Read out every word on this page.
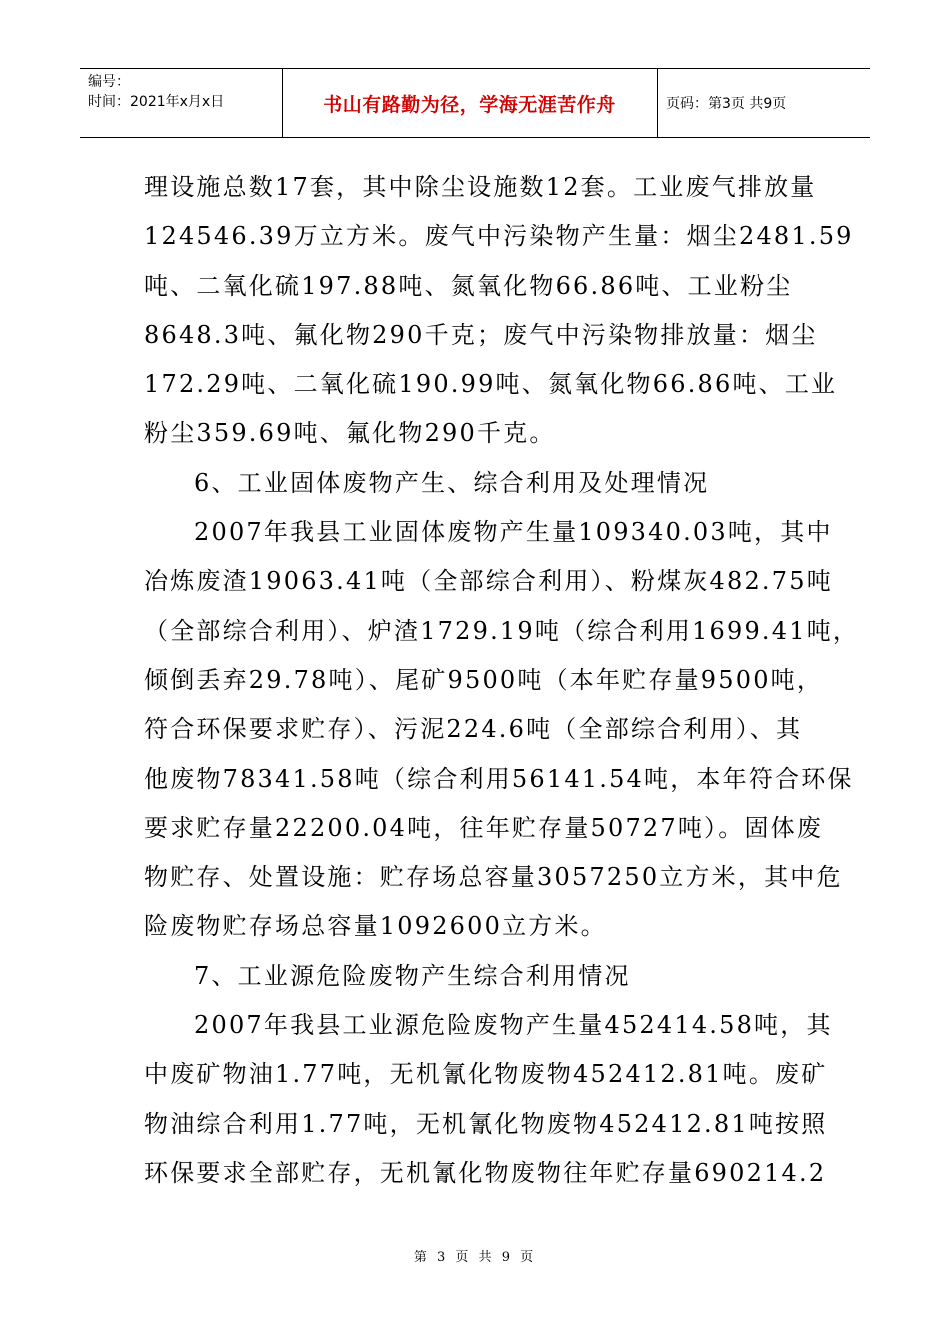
编号：
时间：2021年x月x日	书山有路勤为径，学海无涯苦作舟	页码：第3页 共9页
理设施总数17套，其中除尘设施数12套。工业废气排放量
124546.39万立方米。废气中污染物产生量：烟尘2481.59
吨、二氧化硫197.88吨、氮氧化物66.86吨、工业粉尘
8648.3吨、氟化物290千克；废气中污染物排放量：烟尘
172.29吨、二氧化硫190.99吨、氮氧化物66.86吨、工业
粉尘359.69吨、氟化物290千克。
6、工业固体废物产生、综合利用及处理情况
2007年我县工业固体废物产生量109340.03吨，其中
冶炼废渣19063.41吨（全部综合利用）、粉煤灰482.75吨
（全部综合利用）、炉渣1729.19吨（综合利用1699.41吨，
倾倒丢弃29.78吨）、尾矿9500吨（本年贮存量9500吨，
符合环保要求贮存）、污泥224.6吨（全部综合利用）、其
他废物78341.58吨（综合利用56141.54吨，本年符合环保
要求贮存量22200.04吨，往年贮存量50727吨）。固体废
物贮存、处置设施：贮存场总容量3057250立方米，其中危
险废物贮存场总容量1092600立方米。
7、工业源危险废物产生综合利用情况
2007年我县工业源危险废物产生量452414.58吨，其
中废矿物油1.77吨，无机氰化物废物452412.81吨。废矿
物油综合利用1.77吨，无机氰化物废物452412.81吨按照
环保要求全部贮存，无机氰化物废物往年贮存量690214.2
第 3 页 共 9 页
